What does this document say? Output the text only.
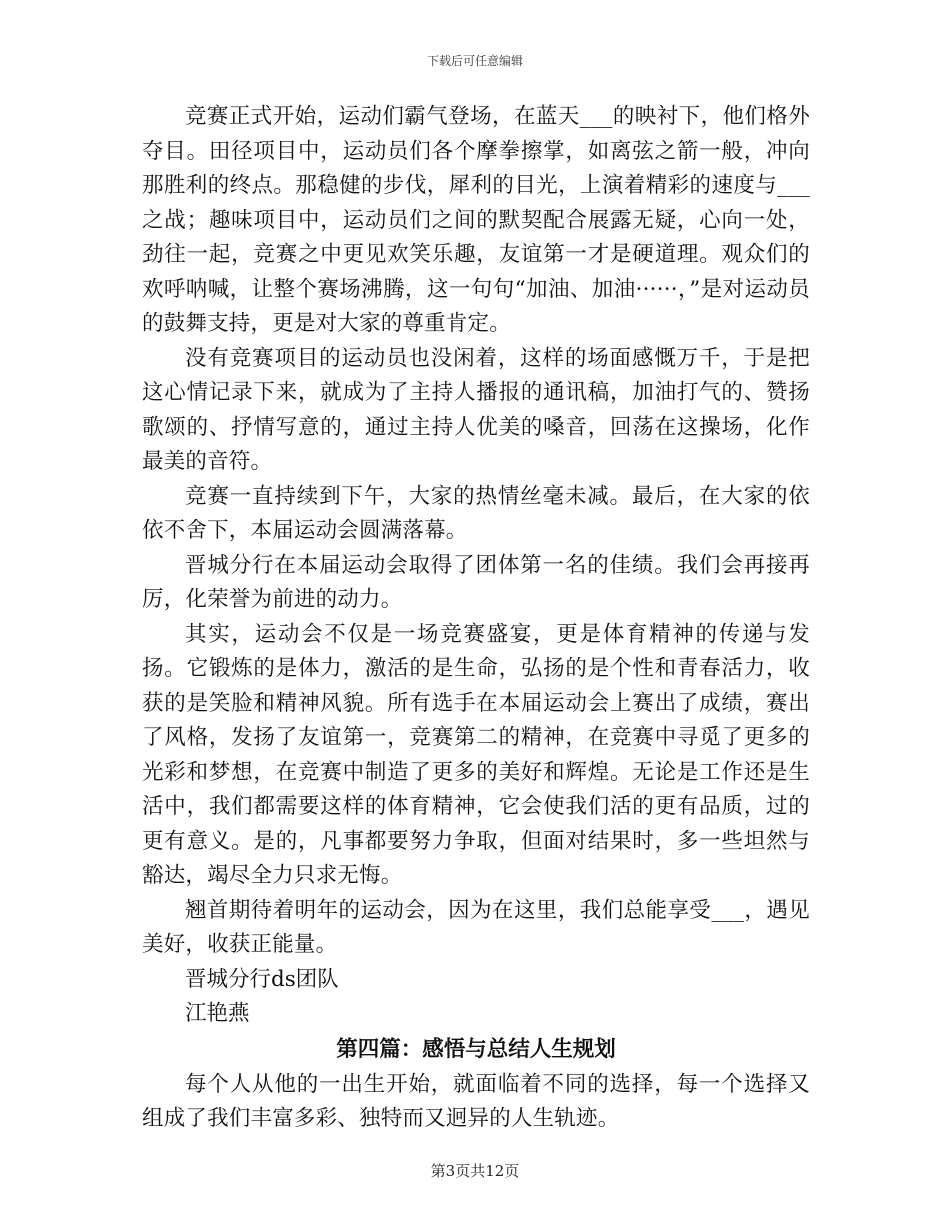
下载后可任意编辑

竞赛正式开始，运动们霸气登场，在蓝天___的映衬下，他们格外夺目。田径项目中，运动员们各个摩拳擦掌，如离弦之箭一般，冲向那胜利的终点。那稳健的步伐，犀利的目光，上演着精彩的速度与___之战；趣味项目中，运动员们之间的默契配合展露无疑，心向一处，劲往一起，竞赛之中更见欢笑乐趣，友谊第一才是硬道理。观众们的欢呼呐喊，让整个赛场沸腾，这一句句“加油、加油······，”是对运动员的鼓舞支持，更是对大家的尊重肯定。

没有竞赛项目的运动员也没闲着，这样的场面感慨万千，于是把这心情记录下来，就成为了主持人播报的通讯稿，加油打气的、赞扬歌颂的、抒情写意的，通过主持人优美的嗓音，回荡在这操场，化作最美的音符。

竞赛一直持续到下午，大家的热情丝毫未减。最后，在大家的依依不舍下，本届运动会圆满落幕。

晋城分行在本届运动会取得了团体第一名的佳绩。我们会再接再厉，化荣誉为前进的动力。

其实，运动会不仅是一场竞赛盛宴，更是体育精神的传递与发扬。它锻炼的是体力，激活的是生命，弘扬的是个性和青春活力，收获的是笑脸和精神风貌。所有选手在本届运动会上赛出了成绩，赛出了风格，发扬了友谊第一，竞赛第二的精神，在竞赛中寻觅了更多的光彩和梦想，在竞赛中制造了更多的美好和辉煌。无论是工作还是生活中，我们都需要这样的体育精神，它会使我们活的更有品质，过的更有意义。是的，凡事都要努力争取，但面对结果时，多一些坦然与豁达，竭尽全力只求无悔。

翘首期待着明年的运动会，因为在这里，我们总能享受___，遇见美好，收获正能量。

晋城分行ds团队

江艳燕

第四篇：感悟与总结人生规划

每个人从他的一出生开始，就面临着不同的选择，每一个选择又组成了我们丰富多彩、独特而又迥异的人生轨迹。

第3页共12页
